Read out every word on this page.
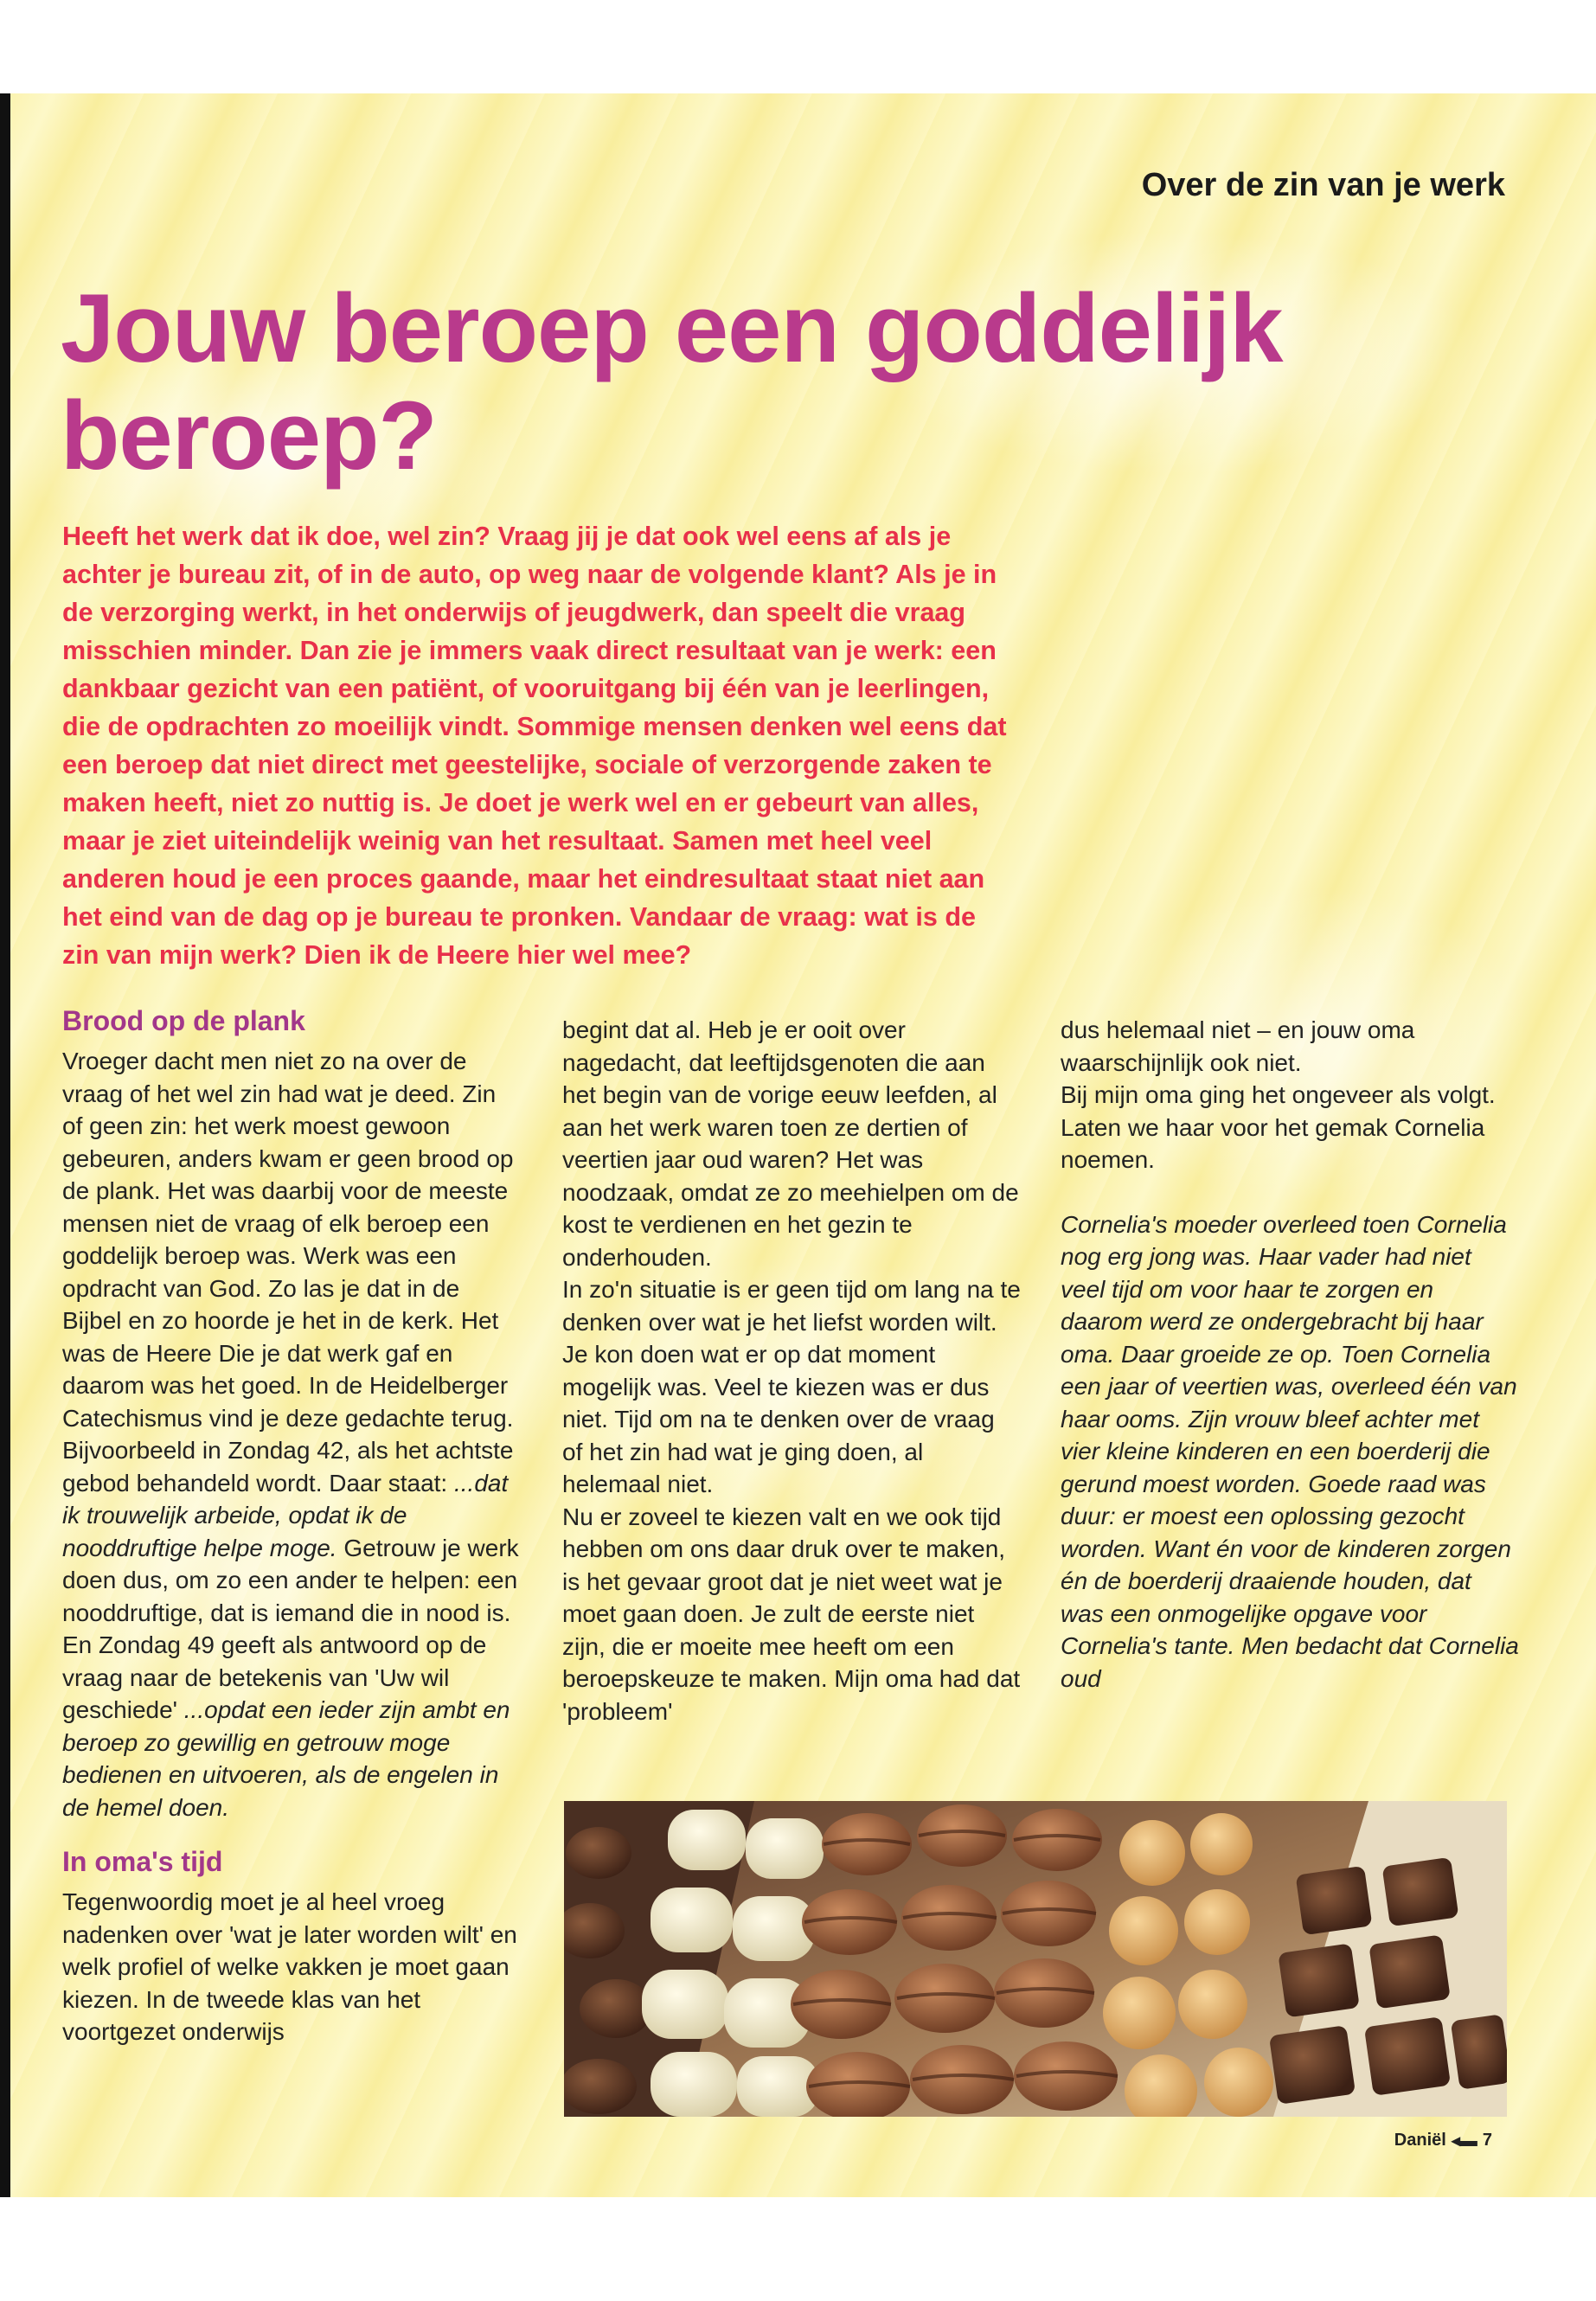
Over de zin van je werk
Jouw beroep een goddelijk beroep?

Heeft het werk dat ik doe, wel zin? Vraag jij je dat ook wel eens af als je achter je bureau zit, of in de auto, op weg naar de volgende klant? Als je in de verzorging werkt, in het onderwijs of jeugdwerk, dan speelt die vraag misschien minder. Dan zie je immers vaak direct resultaat van je werk: een dankbaar gezicht van een patiënt, of vooruitgang bij één van je leerlingen, die de opdrachten zo moeilijk vindt. Sommige mensen denken wel eens dat een beroep dat niet direct met geestelijke, sociale of verzorgende zaken te maken heeft, niet zo nuttig is. Je doet je werk wel en er gebeurt van alles, maar je ziet uiteindelijk weinig van het resultaat. Samen met heel veel anderen houd je een proces gaande, maar het eindresultaat staat niet aan het eind van de dag op je bureau te pronken. Vandaar de vraag: wat is de zin van mijn werk? Dien ik de Heere hier wel mee?

Brood op de plank

Vroeger dacht men niet zo na over de vraag of het wel zin had wat je deed. Zin of geen zin: het werk moest gewoon gebeuren, anders kwam er geen brood op de plank. Het was daarbij voor de meeste mensen niet de vraag of elk beroep een goddelijk beroep was. Werk was een opdracht van God. Zo las je dat in de Bijbel en zo hoorde je het in de kerk. Het was de Heere Die je dat werk gaf en daarom was het goed. In de Heidelberger Catechismus vind je deze gedachte terug. Bijvoorbeeld in Zondag 42, als het achtste gebod behandeld wordt. Daar staat: ...dat ik trouwelijk arbeide, opdat ik de nooddruftige helpe moge. Getrouw je werk doen dus, om zo een ander te helpen: een nooddruftige, dat is iemand die in nood is. En Zondag 49 geeft als antwoord op de vraag naar de betekenis van 'Uw wil geschiede' ...opdat een ieder zijn ambt en beroep zo gewillig en getrouw moge bedienen en uitvoeren, als de engelen in de hemel doen.

In oma's tijd

Tegenwoordig moet je al heel vroeg nadenken over 'wat je later worden wilt' en welk profiel of welke vakken je moet gaan kiezen. In de tweede klas van het voortgezet onderwijs

begint dat al. Heb je er ooit over nagedacht, dat leeftijdsgenoten die aan het begin van de vorige eeuw leefden, al aan het werk waren toen ze dertien of veertien jaar oud waren? Het was noodzaak, omdat ze zo meehielpen om de kost te verdienen en het gezin te onderhouden.

In zo'n situatie is er geen tijd om lang na te denken over wat je het liefst worden wilt. Je kon doen wat er op dat moment mogelijk was. Veel te kiezen was er dus niet. Tijd om na te denken over de vraag of het zin had wat je ging doen, al helemaal niet.

Nu er zoveel te kiezen valt en we ook tijd hebben om ons daar druk over te maken, is het gevaar groot dat je niet weet wat je moet gaan doen. Je zult de eerste niet zijn, die er moeite mee heeft om een beroepskeuze te maken. Mijn oma had dat 'probleem'

dus helemaal niet – en jouw oma waarschijnlijk ook niet.

Bij mijn oma ging het ongeveer als volgt. Laten we haar voor het gemak Cornelia noemen.

Cornelia's moeder overleed toen Cornelia nog erg jong was. Haar vader had niet veel tijd om voor haar te zorgen en daarom werd ze ondergebracht bij haar oma. Daar groeide ze op. Toen Cornelia een jaar of veertien was, overleed één van haar ooms. Zijn vrouw bleef achter met vier kleine kinderen en een boerderij die gerund moest worden. Goede raad was duur: er moest een oplossing gezocht worden. Want én voor de kinderen zorgen én de boerderij draaiende houden, dat was een onmogelijke opgave voor Cornelia's tante. Men bedacht dat Cornelia oud

Daniël ◂▬ 7
